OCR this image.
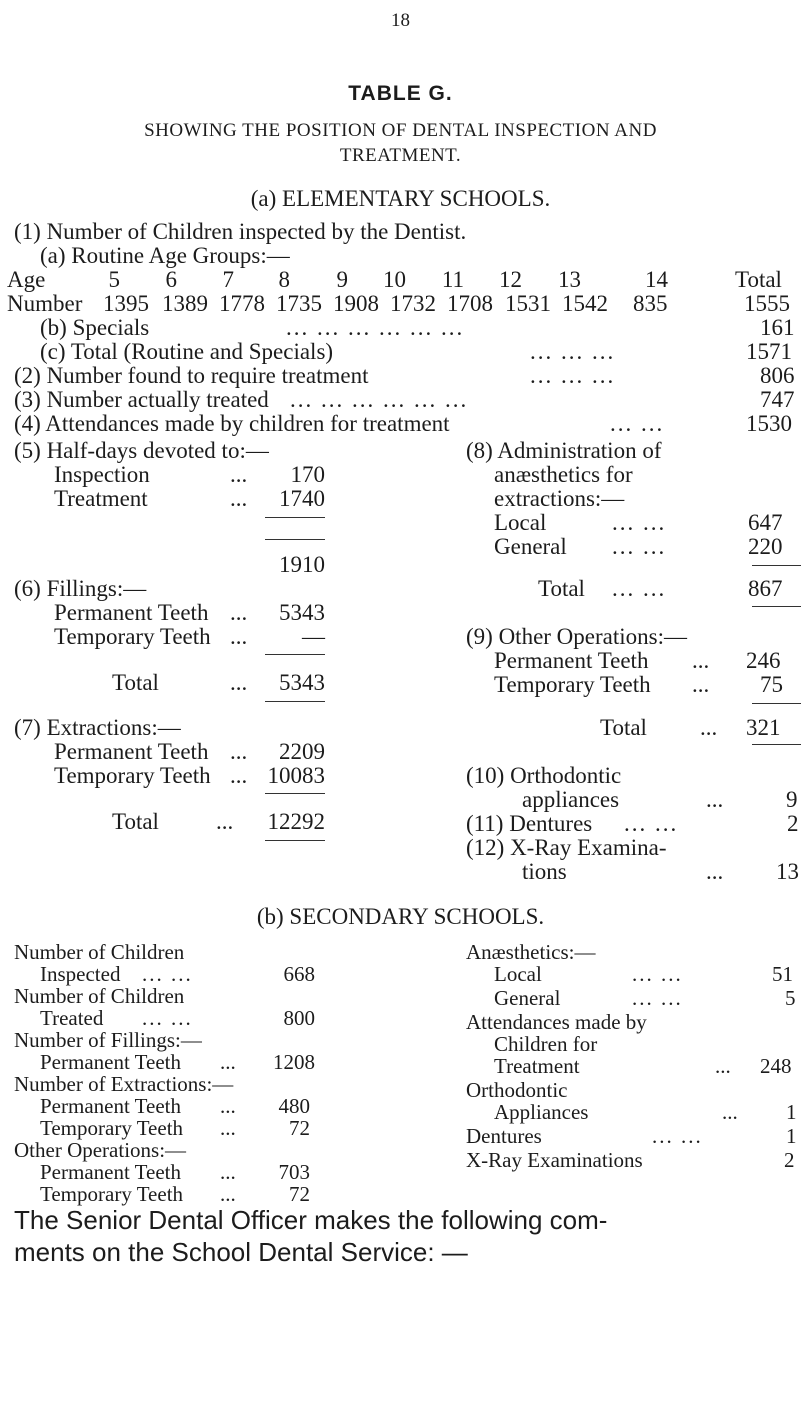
18
TABLE G.
SHOWING THE POSITION OF DENTAL INSPECTION AND
TREATMENT.
(a) ELEMENTARY SCHOOLS.
(1) Number of Children inspected by the Dentist.
(a) Routine Age Groups:—
Age	5	6	7	8	9	10	11	12	13	14	Total
Number 1395 1389 1778 1735 1908 1732 1708 1531 1542 835	1555
(b) Specials	... ... ... ... ... ...	161
(c) Total (Routine and Specials)	... ... ...	1571
(2) Number found to require treatment	... ... ...	806
(3) Number actually treated ... ... ... ... ... ...	747
(4) Attendances made by children for treatment	... ...	1530
(5) Half-days devoted to:—
Inspection	...	170
Treatment	...	1740
1910
(6) Fillings:—
Permanent Teeth ...	5343
Temporary Teeth ...	—
Total	...	5343
(7) Extractions:—
Permanent Teeth ...	2209
Temporary Teeth ... 10083
Total ...	12292
(8) Administration of
anæsthetics for
extractions:—
Local	... ...	647
General ... ...	220
Total ... ...	867
(9) Other Operations:—
Permanent Teeth ... 246
Temporary Teeth ... 75
Total ... 321
(10) Orthodontic
appliances	...	9
(11) Dentures ... ...	2
(12) X-Ray Examina-
tions	... 13
(b) SECONDARY SCHOOLS.
Number of Children
Inspected ... ...	668
Number of Children
Treated ... ...	800
Number of Fillings:—
Permanent Teeth ...	1208
Number of Extractions:—
Permanent Teeth ...	480
Temporary Teeth ...	72
Other Operations:—
Permanent Teeth ...	703
Temporary Teeth ...	72
Anæsthetics:—
Local	... ...	51
General	... ...	5
Attendances made by
Children for
Treatment	... 248
Orthodontic
Appliances	... 1
Dentures	... ...	1
X-Ray Examinations	2
The Senior Dental Officer makes the following com-
ments on the School Dental Service: —
